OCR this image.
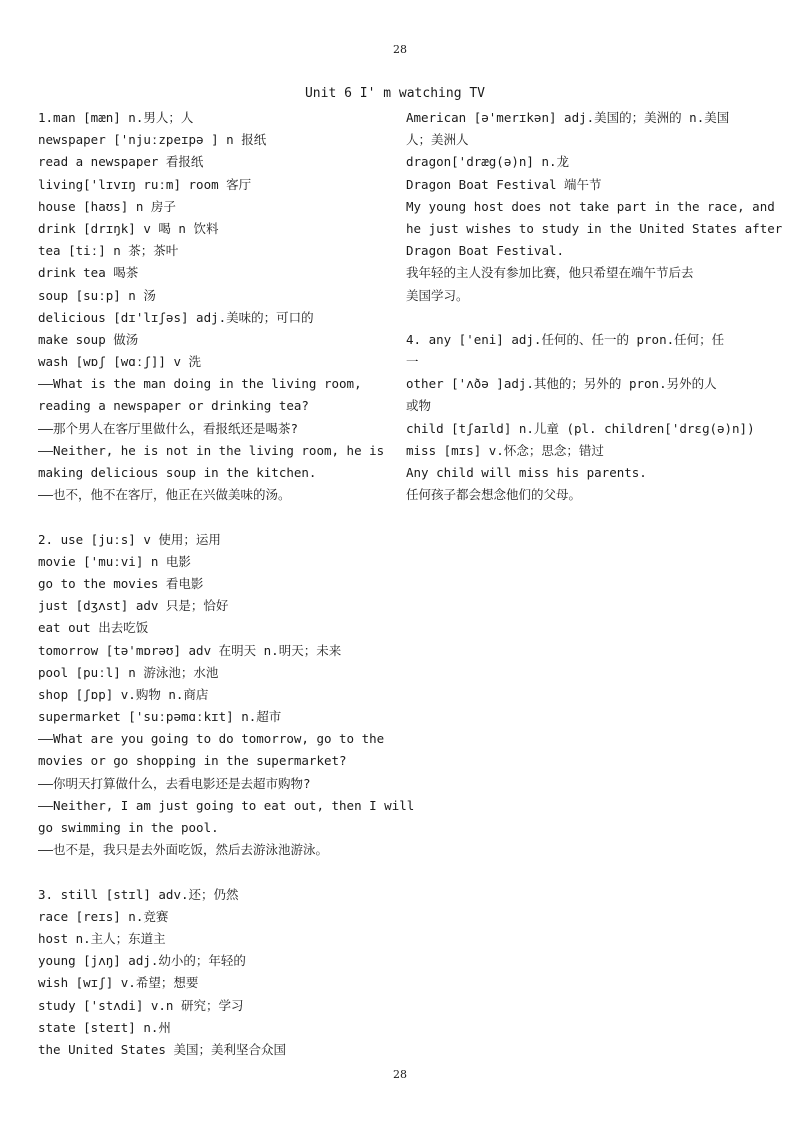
28
Unit 6 I' m watching TV
1.man [mæn] n.男人；人
newspaper ['njuːzpeɪpə ] n 报纸
read a newspaper 看报纸
living['lɪvɪŋ ruːm] room 客厅
house [haʊs] n 房子
drink [drɪŋk] v 喝 n 饮料
tea [tiː] n 茶；茶叶
drink tea 喝茶
soup [suːp] n 汤
delicious [dɪ'lɪʃəs] adj.美味的；可口的
make soup 做汤
wash [wɒʃ [wɑːʃ]] v 洗
——What is the man doing in the living room,
reading a newspaper or drinking tea?
——那个男人在客厅里做什么，看报纸还是喝茶?
——Neither, he is not in the living room, he is
making delicious soup in the kitchen.
——也不，他不在客厅，他正在兴做美味的汤。
2. use [juːs] v 使用；运用
movie ['muːvi] n 电影
go to the movies 看电影
just [dʒʌst] adv 只是；恰好
eat out 出去吃饭
tomorrow [tə'mɒrəʊ] adv 在明天 n.明天；未来
pool [puːl] n 游泳池；水池
shop [ʃɒp] v.购物 n.商店
supermarket ['suːpəmɑːkɪt] n.超市
——What are you going to do tomorrow, go to the
movies or go shopping in the supermarket?
——你明天打算做什么，去看电影还是去超市购物?
——Neither, I am just going to eat out, then I will
go swimming in the pool.
——也不是，我只是去外面吃饭，然后去游泳池游泳。
3. still [stɪl] adv.还；仍然
race [reɪs] n.竞赛
host n.主人；东道主
young [jʌŋ] adj.幼小的；年轻的
wish [wɪʃ] v.希望；想要
study ['stʌdi] v.n 研究；学习
state [steɪt] n.州
the United States 美国；美利坚合众国
American [ə'merɪkən] adj.美国的；美洲的 n.美国
人；美洲人
dragon['dræg(ə)n] n.龙
Dragon Boat Festival 端午节
My young host does not take part in the race, and
he just wishes to study in the United States after
Dragon Boat Festival.
我年轻的主人没有参加比赛，他只希望在端午节后去
美国学习。
4. any ['eni] adj.任何的、任一的 pron.任何；任
一
other ['ʌðə ]adj.其他的；另外的 pron.另外的人
或物
child [tʃaɪld] n.儿童 (pl. children['drɛɡ(ə)n])
miss [mɪs] v.怀念；思念；错过
Any child will miss his parents.
任何孩子都会想念他们的父母。
28
